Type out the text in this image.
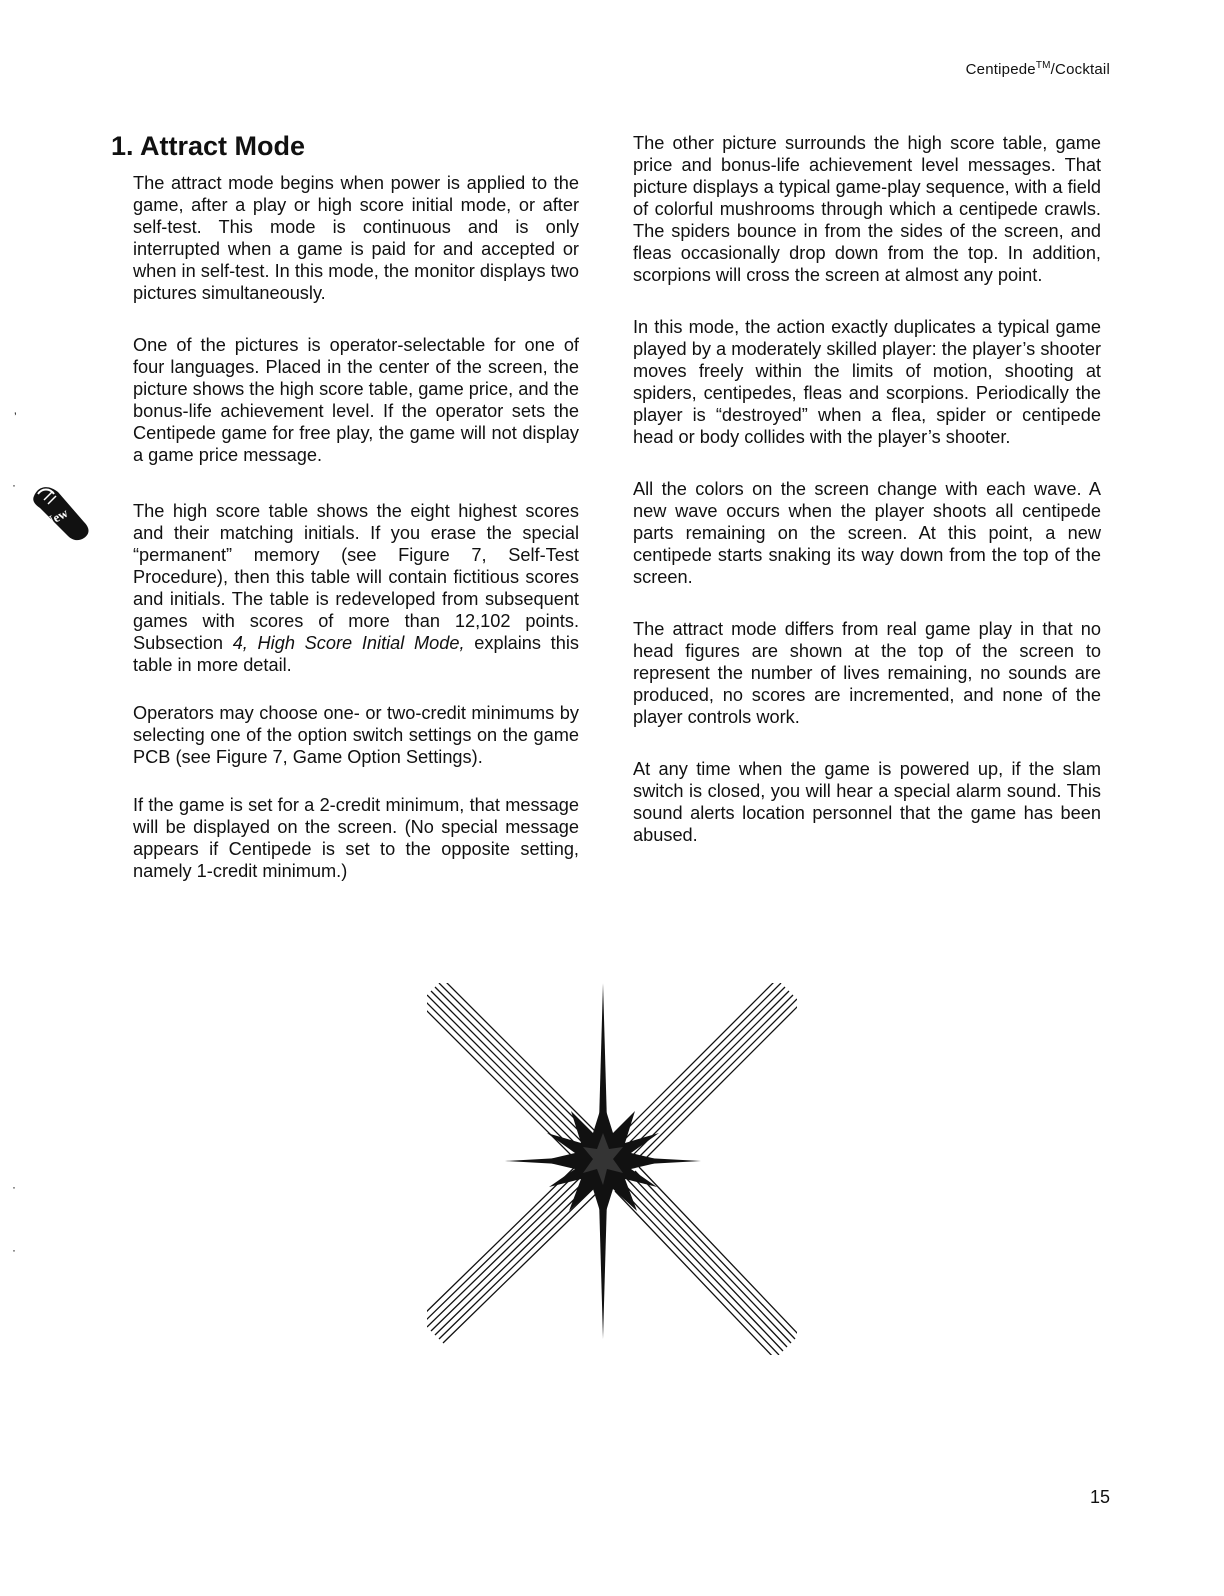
Centipede™/Cocktail
’
·
·
·
New
1. Attract Mode

The attract mode begins when power is applied to the game, after a play or high score initial mode, or after self-test. This mode is continuous and is only interrupted when a game is paid for and accepted or when in self-test. In this mode, the monitor displays two pictures simultaneously.

One of the pictures is operator-selectable for one of four languages. Placed in the center of the screen, the picture shows the high score table, game price, and the bonus-life achievement level. If the operator sets the Centipede game for free play, the game will not display a game price message.

The high score table shows the eight highest scores and their matching initials. If you erase the special “permanent” memory (see Figure 7, Self-Test Procedure), then this table will contain fictitious scores and initials. The table is redeveloped from subsequent games with scores of more than 12,102 points. Subsection 4, High Score Initial Mode, explains this table in more detail.

Operators may choose one- or two-credit minimums by selecting one of the option switch settings on the game PCB (see Figure 7, Game Option Settings).

If the game is set for a 2-credit minimum, that message will be displayed on the screen. (No special message appears if Centipede is set to the opposite setting, namely 1-credit minimum.)

The other picture surrounds the high score table, game price and bonus-life achievement level messages. That picture displays a typical game-play sequence, with a field of colorful mushrooms through which a centipede crawls. The spiders bounce in from the sides of the screen, and fleas occasionally drop down from the top. In addition, scorpions will cross the screen at almost any point.

In this mode, the action exactly duplicates a typical game played by a moderately skilled player: the player’s shooter moves freely within the limits of motion, shooting at spiders, centipedes, fleas and scorpions. Periodically the player is “destroyed” when a flea, spider or centipede head or body collides with the player’s shooter.

All the colors on the screen change with each wave. A new wave occurs when the player shoots all centipede parts remaining on the screen. At this point, a new centipede starts snaking its way down from the top of the screen.

The attract mode differs from real game play in that no head figures are shown at the top of the screen to represent the number of lives remaining, no sounds are produced, no scores are incremented, and none of the player controls work.

At any time when the game is powered up, if the slam switch is closed, you will hear a special alarm sound. This sound alerts location personnel that the game has been abused.

15
